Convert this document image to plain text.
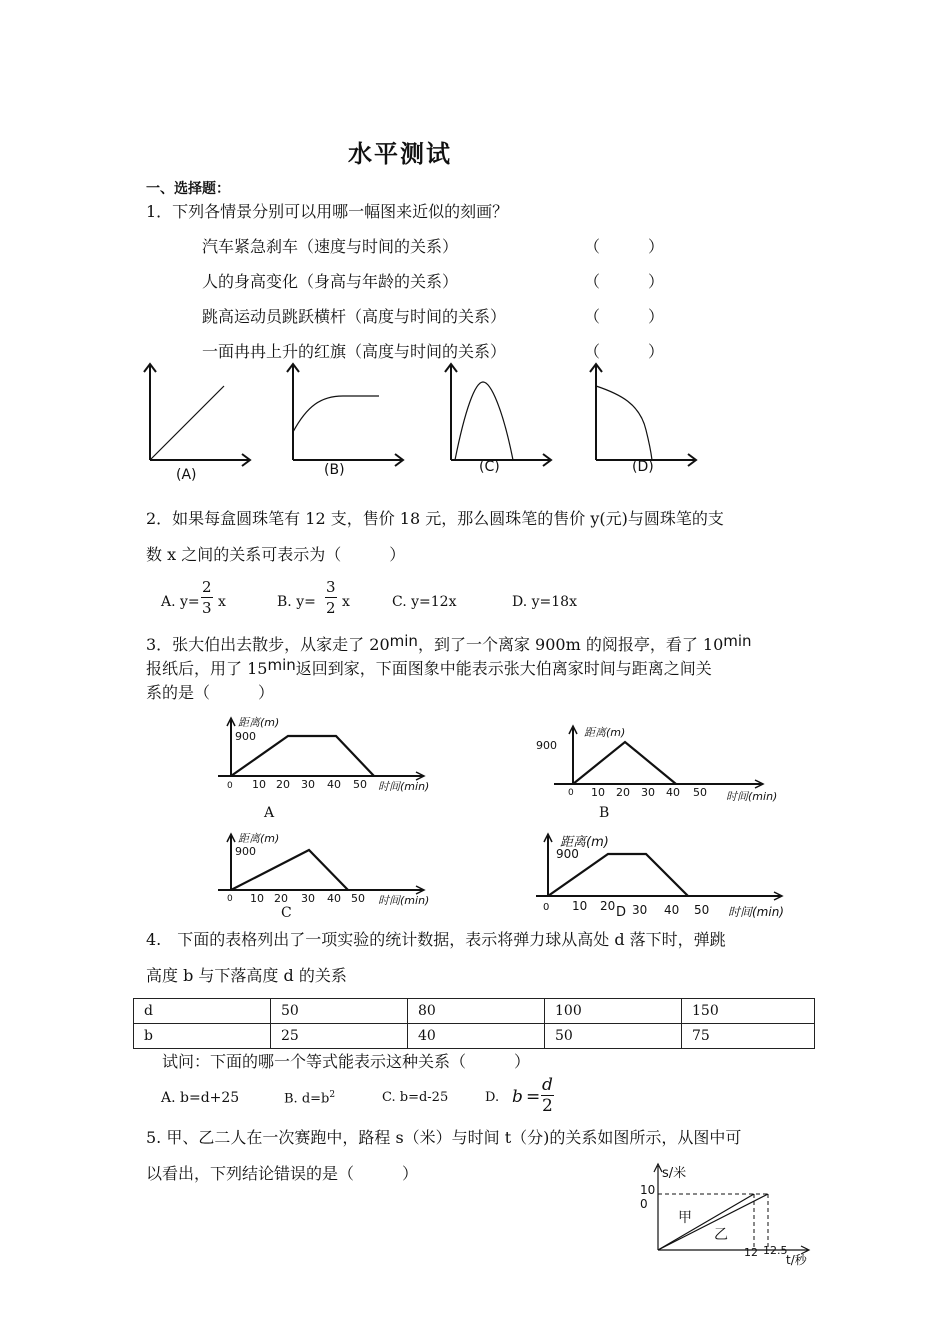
水平测试
一、选择题：
1．下列各情景分别可以用哪一幅图来近似的刻画？
汽车紧急刹车（速度与时间的关系）	（　　　）
人的身高变化（身高与年龄的关系）	（　　　）
跳高运动员跳跃横杆（高度与时间的关系）	（　　　）
一面冉冉上升的红旗（高度与时间的关系）	（　　　）
(A)	(B)	(C)	(D)
2．如果每盒圆珠笔有 12 支，售价 18 元，那么圆珠笔的售价 y(元)与圆珠笔的支
数 x 之间的关系可表示为（　　　）
A. $y= \frac{2}{3}$ x	B. $y= \frac{3}{2}$ x	C. y=12x	D. y=18x
3．张大伯出去散步，从家走了 20min，到了一个离家 900m 的阅报亭，看了 10min
报纸后，用了 15min返回到家，下面图象中能表示张大伯离家时间与距离之间关
系的是（　　　）
距离(m)
900
0 10 20 30 40 50 时间(min)
A
距离(m)
900
0 10 20 30 40 50 时间(min)
B
距离(m)
900
0 10 20 30 40 50 时间(min)
C
距离(m)
900
0 10 20 30 40 50 时间(min)
D
4.　下面的表格列出了一项实验的统计数据，表示将弹力球从高处 d 落下时，弹跳
高度 b 与下落高度 d 的关系
d	50	80	100	150
b	25	40	50	75
试问：下面的哪一个等式能表示这种关系（　　　）
A. b=d+25	B. $d=b^2$	C. b=d-25	D. $b = \frac{d}{2}$
5. 甲、乙二人在一次赛跑中，路程 s（米）与时间 t（分)的关系如图所示，从图中可
以看出，下列结论错误的是（　　　）	s/米
10
0
甲
乙
12 12.5
t/秒
